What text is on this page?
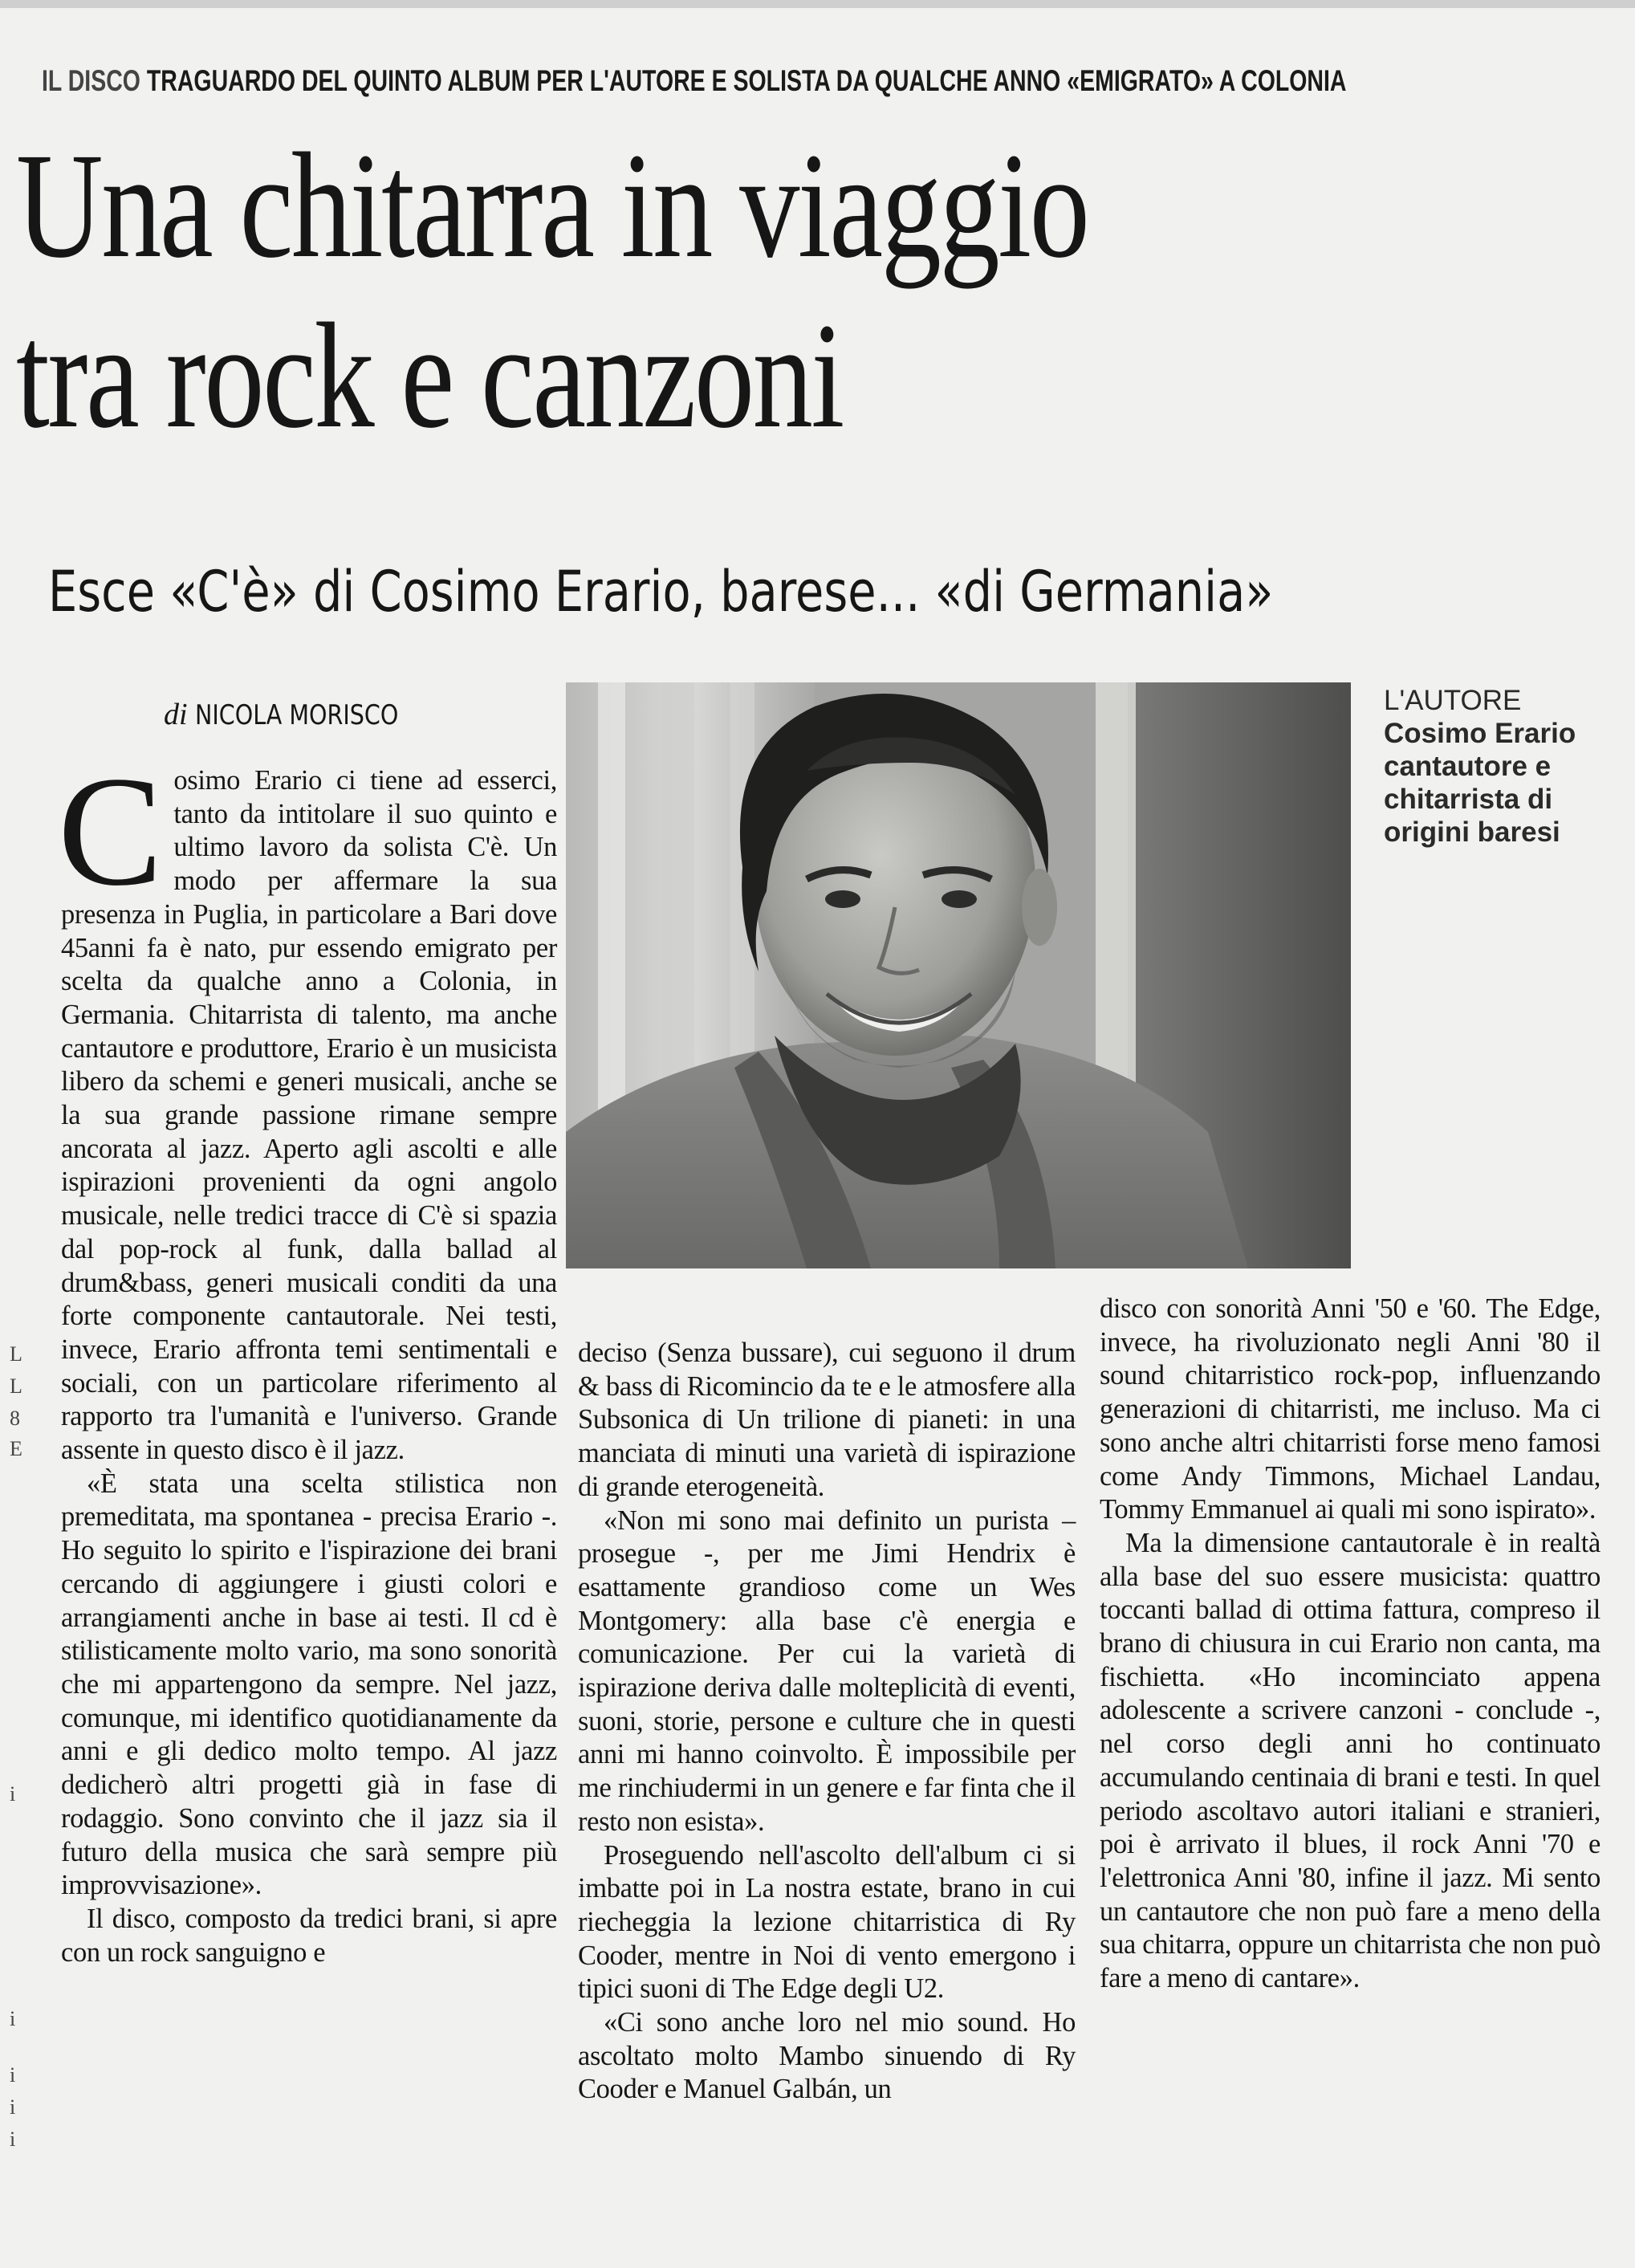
IL DISCO TRAGUARDO DEL QUINTO ALBUM PER L'AUTORE E SOLISTA DA QUALCHE ANNO «EMIGRATO» A COLONIA
Una chitarra in viaggio
tra rock e canzoni
Esce «C'è» di Cosimo Erario, barese... «di Germania»
di NICOLA MORISCO	L'AUTORE
Cosimo Erario cantautore e chitarrista di origini baresi
C osimo Erario ci tiene ad esserci, tanto da intitolare il suo quinto e ultimo lavoro da solista C'è. Un modo per affermare la sua presenza in Puglia, in particolare a Bari dove 45anni fa è nato, pur essendo emigrato per scelta da qualche anno a Colonia, in Germania. Chitarrista di talento, ma anche cantautore e produttore, Erario è un musicista libero da schemi e generi musicali, anche se la sua grande passione rimane sempre ancorata al jazz. Aperto agli ascolti e alle ispirazioni provenienti da ogni angolo musicale, nelle tredici tracce di C'è si spazia dal pop-rock al funk, dalla ballad al drum&bass, generi musicali conditi da una forte componente cantautorale. Nei testi, invece, Erario affronta temi sentimentali e sociali, con un particolare riferimento al rapporto tra l'umanità e l'universo. Grande assente in questo disco è il jazz.

«È stata una scelta stilistica non premeditata, ma spontanea - precisa Erario -. Ho seguito lo spirito e l'ispirazione dei brani cercando di aggiungere i giusti colori e arrangiamenti anche in base ai testi. Il cd è stilisticamente molto vario, ma sono sonorità che mi appartengono da sempre. Nel jazz, comunque, mi identifico quotidianamente da anni e gli dedico molto tempo. Al jazz dedicherò altri progetti già in fase di rodaggio. Sono convinto che il jazz sia il futuro della musica che sarà sempre più improvvisazione».

Il disco, composto da tredici brani, si apre con un rock sanguigno e

deciso (Senza bussare), cui seguono il drum & bass di Ricomincio da te e le atmosfere alla Subsonica di Un trilione di pianeti: in una manciata di minuti una varietà di ispirazione di grande eterogeneità.

«Non mi sono mai definito un purista – prosegue -, per me Jimi Hendrix è esattamente grandioso come un Wes Montgomery: alla base c'è energia e comunicazione. Per cui la varietà di ispirazione deriva dalle molteplicità di eventi, suoni, storie, persone e culture che in questi anni mi hanno coinvolto. È impossibile per me rinchiudermi in un genere e far finta che il resto non esista».

Proseguendo nell'ascolto dell'album ci si imbatte poi in La nostra estate, brano in cui riecheggia la lezione chitarristica di Ry Cooder, mentre in Noi di vento emergono i tipici suoni di The Edge degli U2.

«Ci sono anche loro nel mio sound. Ho ascoltato molto Mambo sinuendo di Ry Cooder e Manuel Galbán, un

disco con sonorità Anni '50 e '60. The Edge, invece, ha rivoluzionato negli Anni '80 il sound chitarristico rock-pop, influenzando generazioni di chitarristi, me incluso. Ma ci sono anche altri chitarristi forse meno famosi come Andy Timmons, Michael Landau, Tommy Emmanuel ai quali mi sono ispirato».

Ma la dimensione cantautorale è in realtà alla base del suo essere musicista: quattro toccanti ballad di ottima fattura, compreso il brano di chiusura in cui Erario non canta, ma fischietta. «Ho incominciato appena adolescente a scrivere canzoni - conclude -, nel corso degli anni ho continuato accumulando centinaia di brani e testi. In quel periodo ascoltavo autori italiani e stranieri, poi è arrivato il blues, il rock Anni '70 e l'elettronica Anni '80, infine il jazz. Mi sento un cantautore che non può fare a meno della sua chitarra, oppure un chitarrista che non può fare a meno di cantare».

L
L
8
E
i
i
i
i
i
